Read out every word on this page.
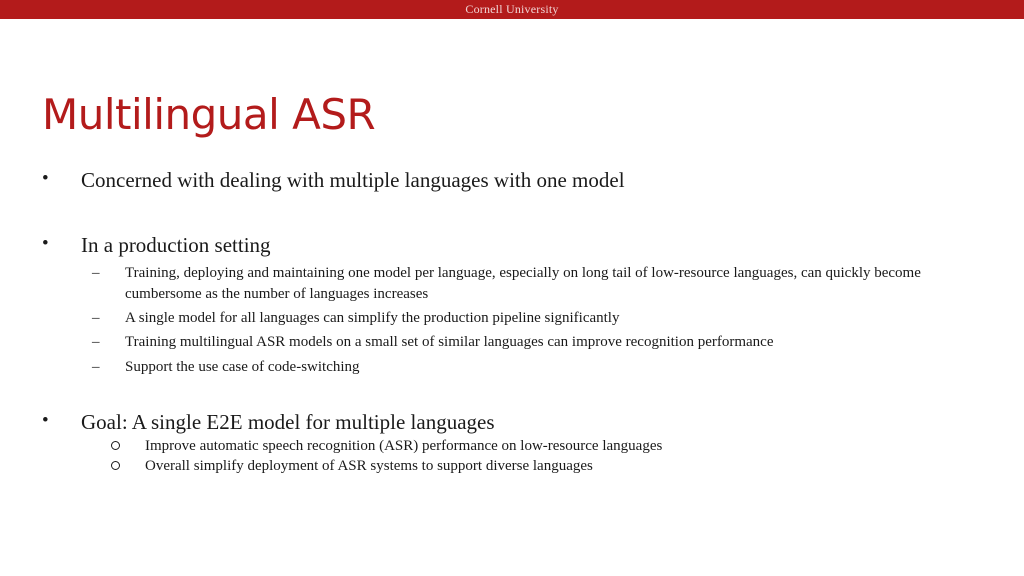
Cornell University
Multilingual ASR
• Concerned with dealing with multiple languages with one model
• In a production setting
– Training, deploying and maintaining one model per language, especially on long tail of low-resource languages, can quickly become cumbersome as the number of languages increases
– A single model for all languages can simplify the production pipeline significantly
– Training multilingual ASR models on a small set of similar languages can improve recognition performance
– Support the use case of code-switching
• Goal: A single E2E model for multiple languages
Improve automatic speech recognition (ASR) performance on low-resource languages
Overall simplify deployment of ASR systems to support diverse languages
